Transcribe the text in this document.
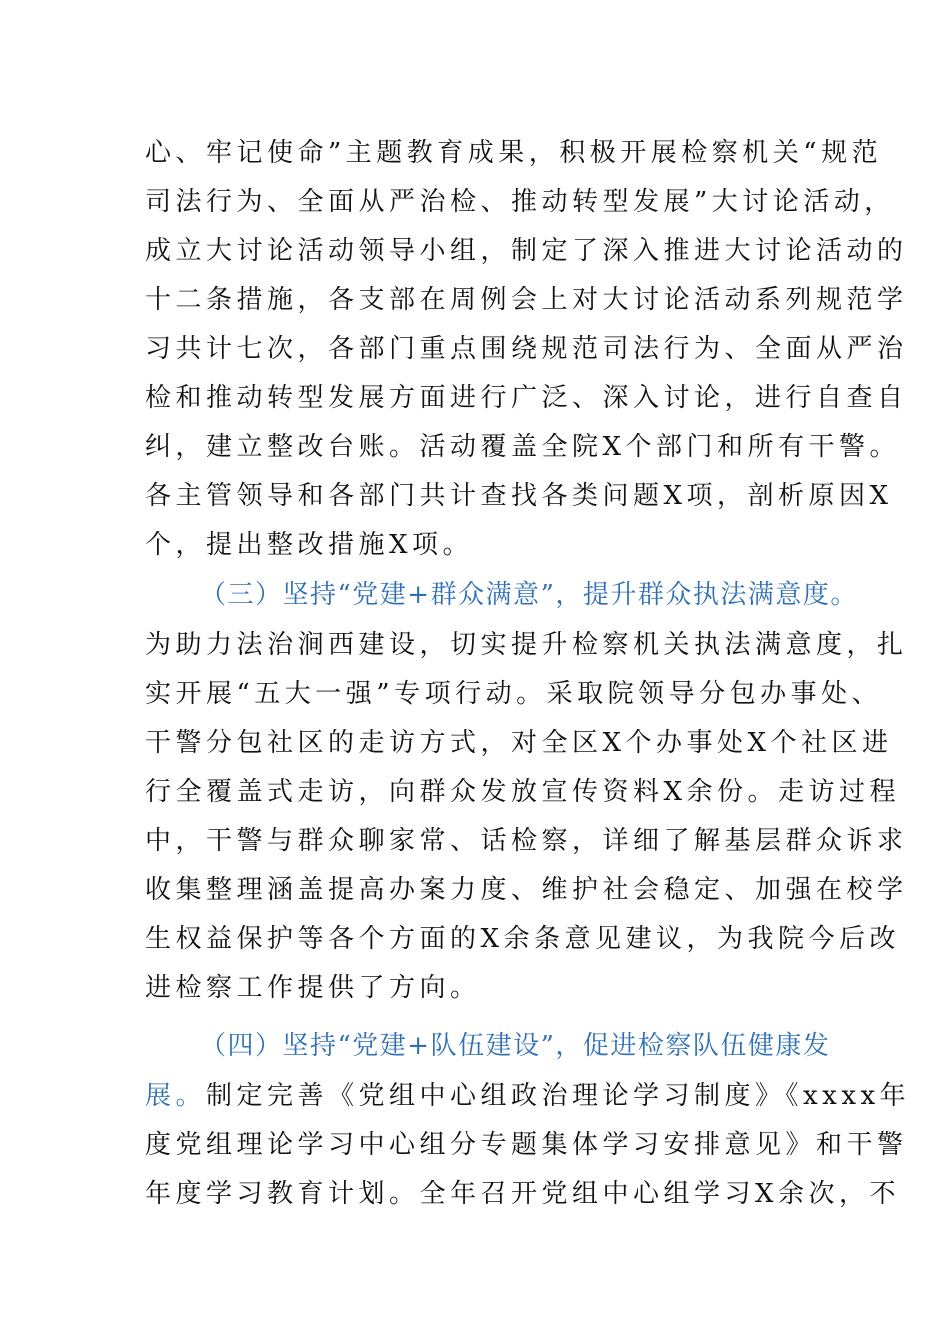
心、牢记使命”主题教育成果，积极开展检察机关“规范
司法行为、全面从严治检、推动转型发展”大讨论活动，
成立大讨论活动领导小组，制定了深入推进大讨论活动的
十二条措施，各支部在周例会上对大讨论活动系列规范学
习共计七次，各部门重点围绕规范司法行为、全面从严治
检和推动转型发展方面进行广泛、深入讨论，进行自查自
纠，建立整改台账。活动覆盖全院X个部门和所有干警。
各主管领导和各部门共计查找各类问题X项，剖析原因X
个，提出整改措施X项。
（三）坚持“党建+群众满意”，提升群众执法满意度。
为助力法治涧西建设，切实提升检察机关执法满意度，扎
实开展“五大一强”专项行动。采取院领导分包办事处、
干警分包社区的走访方式，对全区X个办事处X个社区进
行全覆盖式走访，向群众发放宣传资料X余份。走访过程
中，干警与群众聊家常、话检察，详细了解基层群众诉求
收集整理涵盖提高办案力度、维护社会稳定、加强在校学
生权益保护等各个方面的X余条意见建议，为我院今后改
进检察工作提供了方向。
（四）坚持“党建+队伍建设”，促进检察队伍健康发
展。制定完善《党组中心组政治理论学习制度》《xxxx年
度党组理论学习中心组分专题集体学习安排意见》和干警
年度学习教育计划。全年召开党组中心组学习X余次，不
